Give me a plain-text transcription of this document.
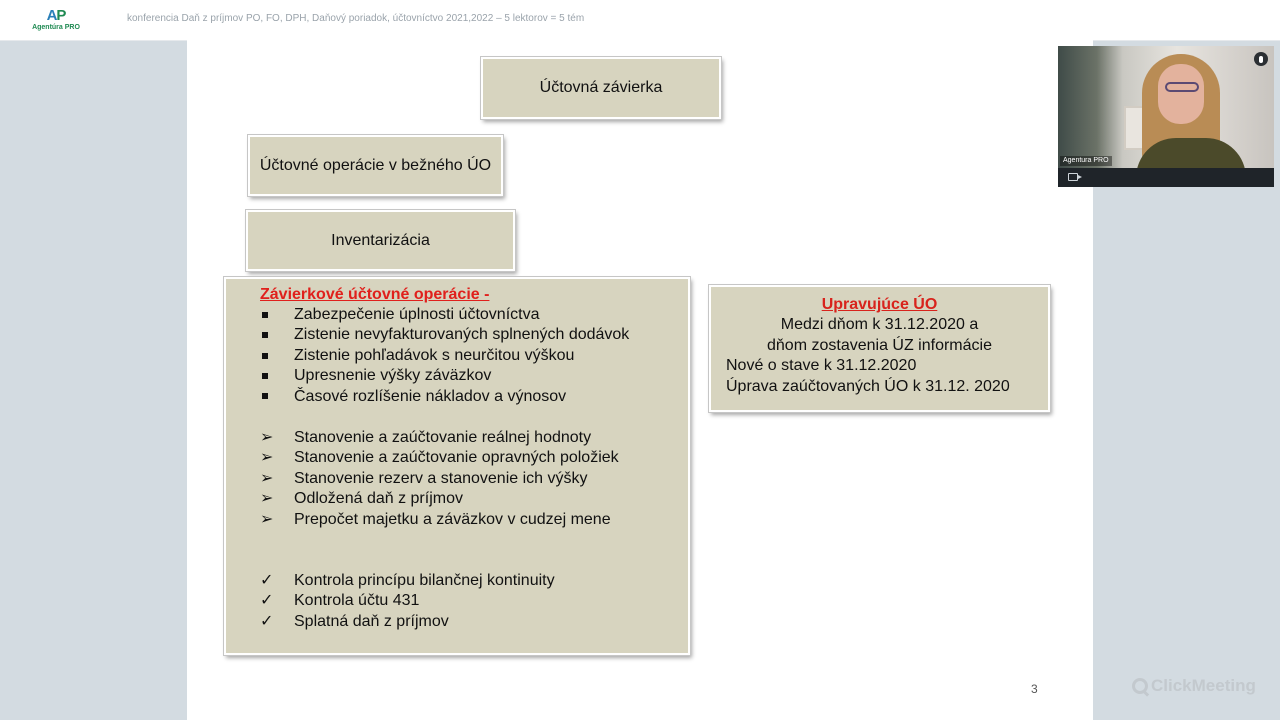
AP
Agentúra PRO
konferencia Daň z príjmov PO, FO, DPH, Daňový poriadok, účtovníctvo 2021,2022 – 5 lektorov = 5 tém
Účtovná závierka
Účtovné operácie v bežného ÚO
Inventarizácia
Závierkové účtovné operácie -
Zabezpečenie úplnosti účtovníctva
Zistenie nevyfakturovaných splnených dodávok
Zistenie pohľadávok s neurčitou výškou
Upresnenie výšky záväzkov
Časové rozlíšenie nákladov a výnosov
➢	Stanovenie a zaúčtovanie reálnej hodnoty
➢	Stanovenie a zaúčtovanie opravných položiek
➢	Stanovenie rezerv a stanovenie ich výšky
➢	Odložená daň z príjmov
➢	Prepočet majetku a záväzkov v cudzej mene
✓	Kontrola princípu bilančnej kontinuity
✓	Kontrola účtu 431
✓	Splatná daň z príjmov
Upravujúce ÚO
Medzi dňom k 31.12.2020 a
dňom zostavenia ÚZ informácie
Nové o stave k 31.12.2020
Úprava zaúčtovaných ÚO k 31.12. 2020
3
Agentura PRO
ClickMeeting
